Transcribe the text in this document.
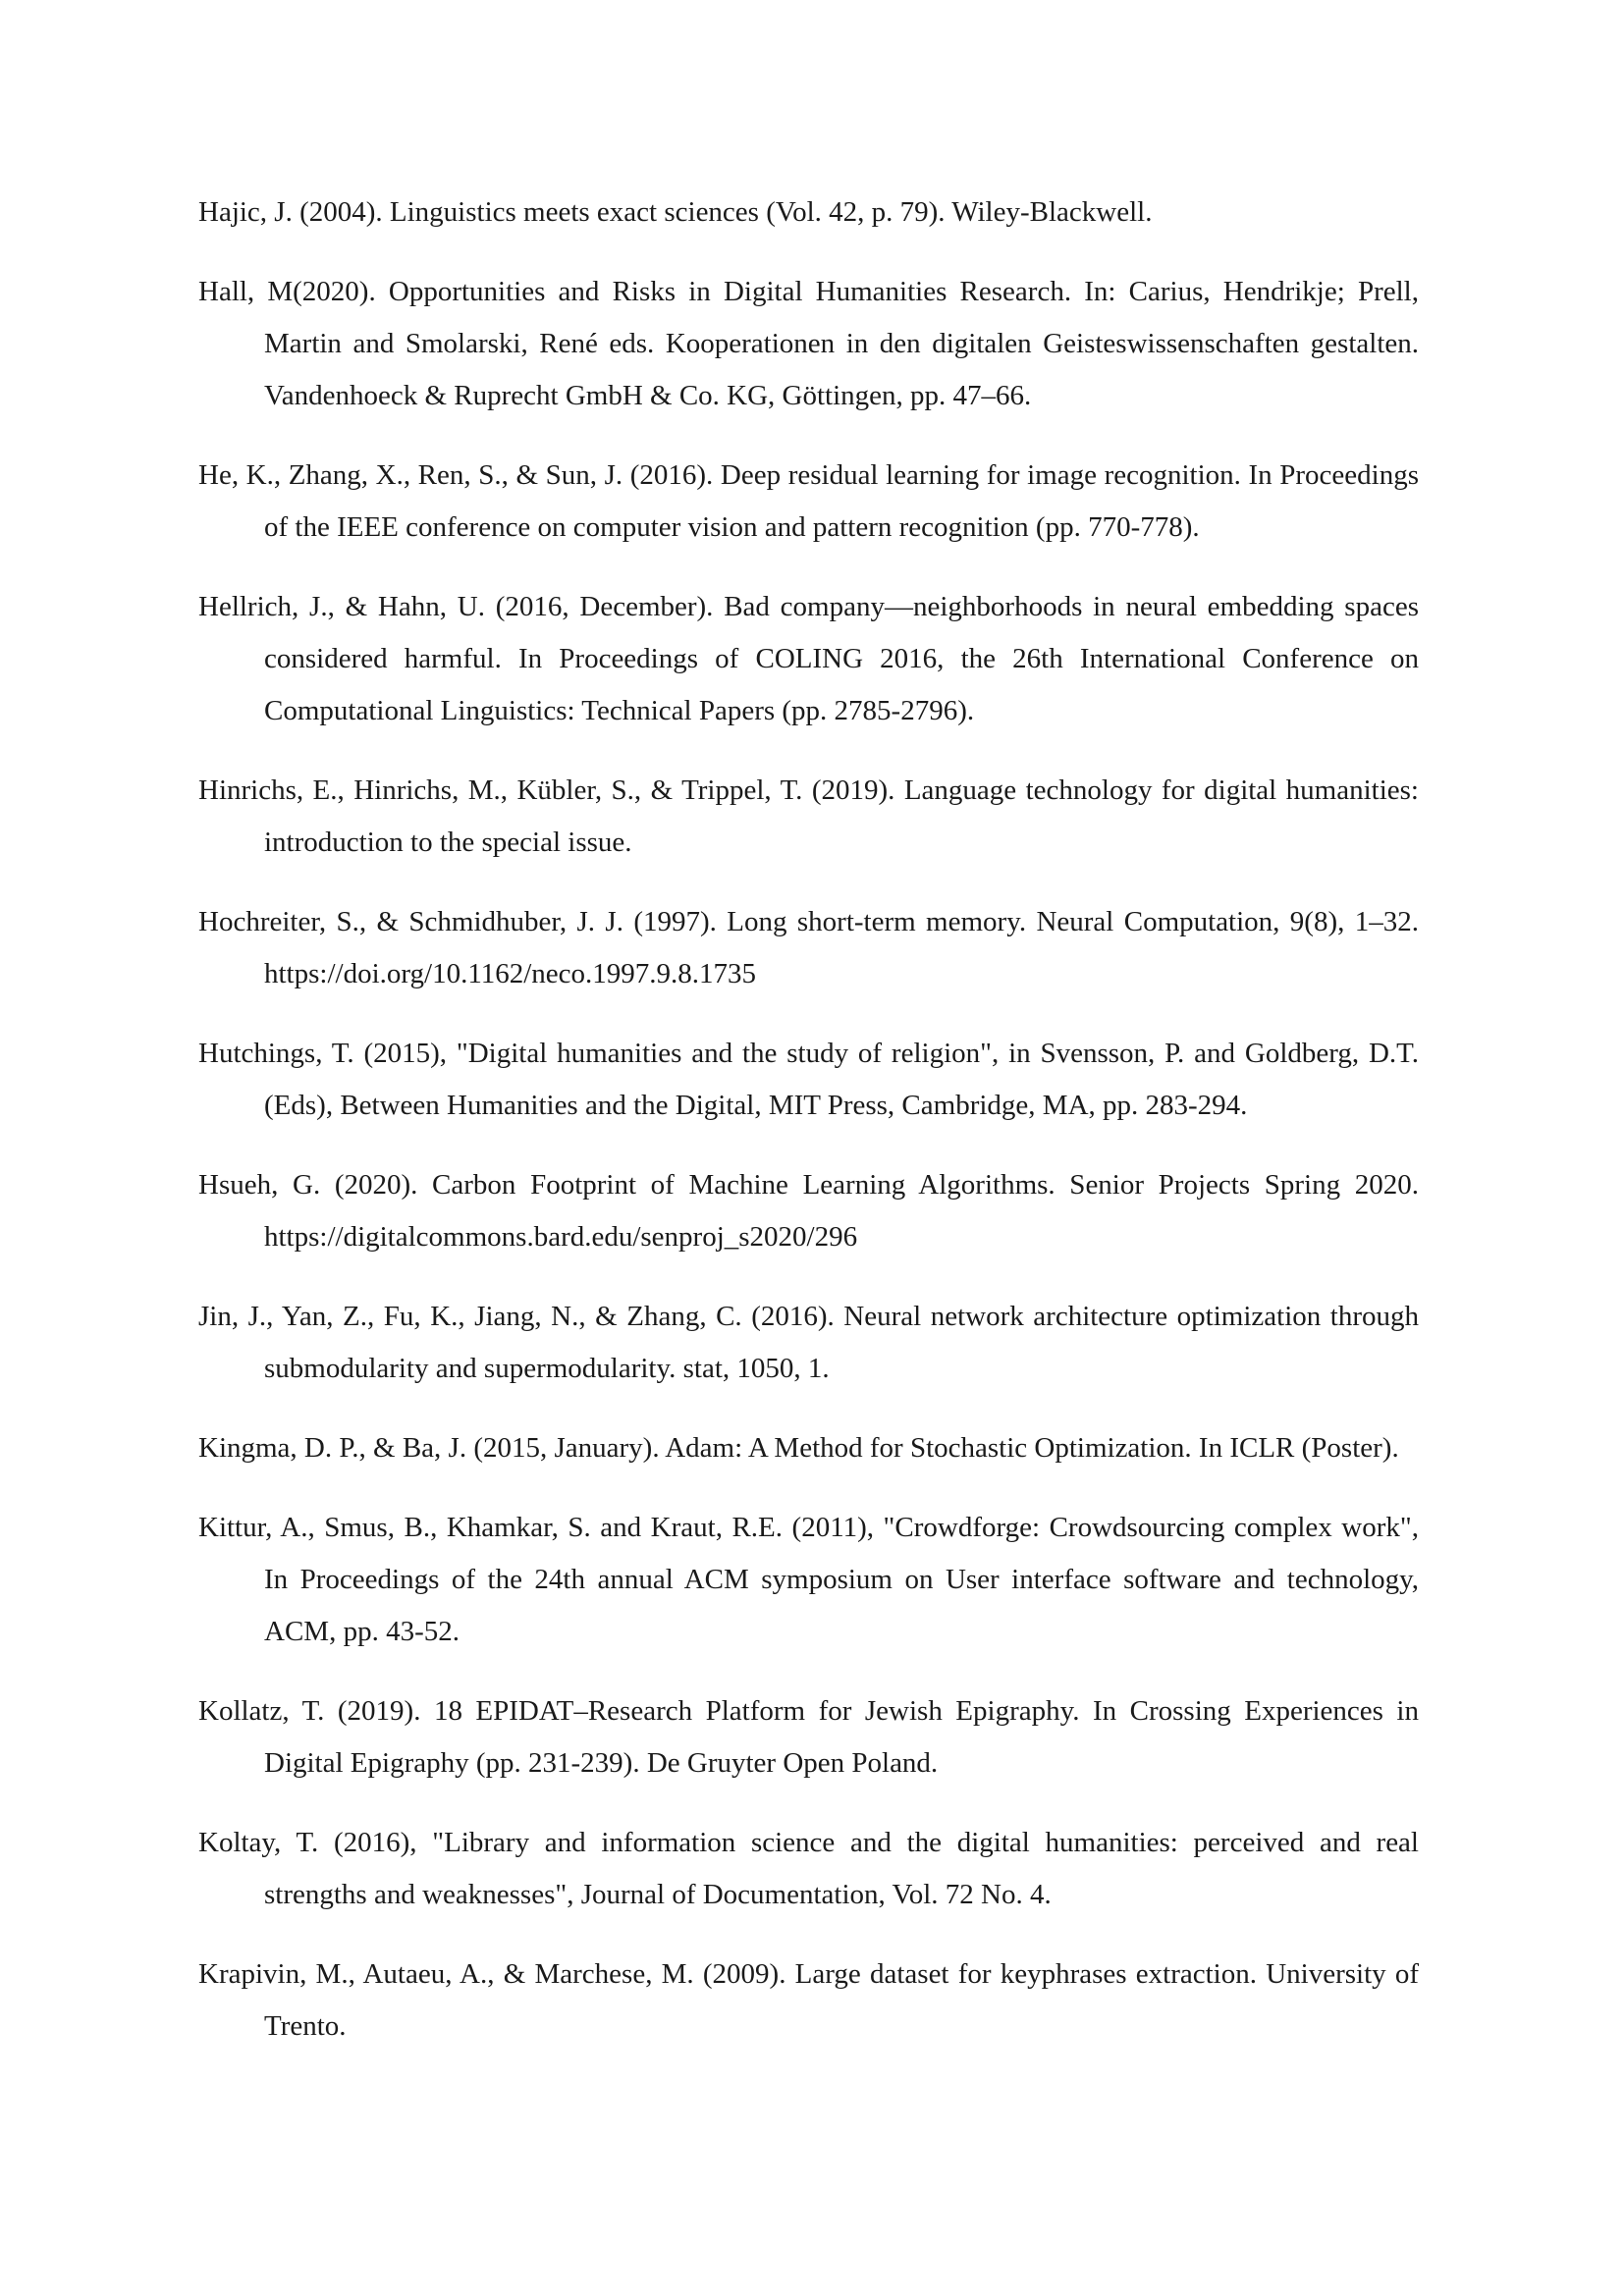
Hajic, J. (2004). Linguistics meets exact sciences (Vol. 42, p. 79). Wiley-Blackwell.
Hall, M(2020). Opportunities and Risks in Digital Humanities Research. In: Carius, Hendrikje; Prell, Martin and Smolarski, René eds. Kooperationen in den digitalen Geisteswissenschaften gestalten. Vandenhoeck & Ruprecht GmbH & Co. KG, Göttingen, pp. 47–66.
He, K., Zhang, X., Ren, S., & Sun, J. (2016). Deep residual learning for image recognition. In Proceedings of the IEEE conference on computer vision and pattern recognition (pp. 770-778).
Hellrich, J., & Hahn, U. (2016, December). Bad company—neighborhoods in neural embedding spaces considered harmful. In Proceedings of COLING 2016, the 26th International Conference on Computational Linguistics: Technical Papers (pp. 2785-2796).
Hinrichs, E., Hinrichs, M., Kübler, S., & Trippel, T. (2019). Language technology for digital humanities: introduction to the special issue.
Hochreiter, S., & Schmidhuber, J. J. (1997). Long short-term memory. Neural Computation, 9(8), 1–32. https://doi.org/10.1162/neco.1997.9.8.1735
Hutchings, T. (2015), "Digital humanities and the study of religion", in Svensson, P. and Goldberg, D.T.(Eds), Between Humanities and the Digital, MIT Press, Cambridge, MA, pp. 283-294.
Hsueh, G. (2020). Carbon Footprint of Machine Learning Algorithms. Senior Projects Spring 2020. https://digitalcommons.bard.edu/senproj_s2020/296
Jin, J., Yan, Z., Fu, K., Jiang, N., & Zhang, C. (2016). Neural network architecture optimization through submodularity and supermodularity. stat, 1050, 1.
Kingma, D. P., & Ba, J. (2015, January). Adam: A Method for Stochastic Optimization. In ICLR (Poster).
Kittur, A., Smus, B., Khamkar, S. and Kraut, R.E. (2011), "Crowdforge: Crowdsourcing complex work", In Proceedings of the 24th annual ACM symposium on User interface software and technology, ACM, pp. 43-52.
Kollatz, T. (2019). 18 EPIDAT–Research Platform for Jewish Epigraphy. In Crossing Experiences in Digital Epigraphy (pp. 231-239). De Gruyter Open Poland.
Koltay, T. (2016), "Library and information science and the digital humanities: perceived and real strengths and weaknesses", Journal of Documentation, Vol. 72 No. 4.
Krapivin, M., Autaeu, A., & Marchese, M. (2009). Large dataset for keyphrases extraction. University of Trento.
